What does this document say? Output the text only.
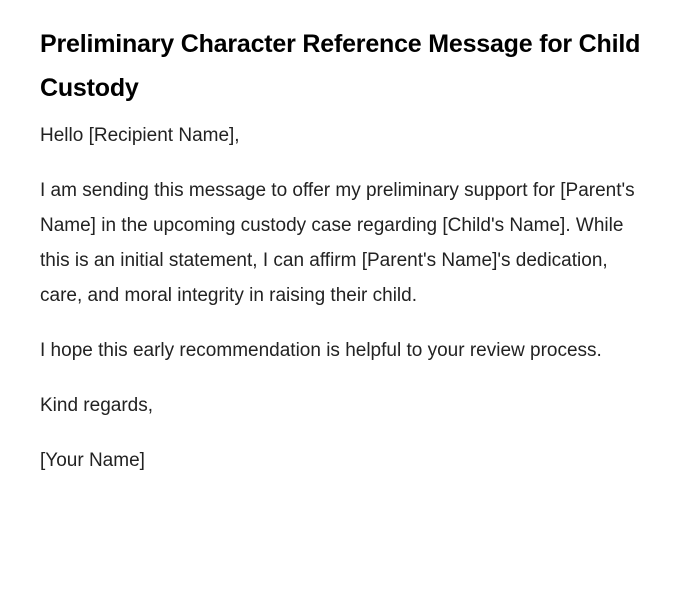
Preliminary Character Reference Message for Child Custody

Hello [Recipient Name],

I am sending this message to offer my preliminary support for [Parent's Name] in the upcoming custody case regarding [Child's Name]. While this is an initial statement, I can affirm [Parent's Name]'s dedication, care, and moral integrity in raising their child.

I hope this early recommendation is helpful to your review process.

Kind regards,

[Your Name]
